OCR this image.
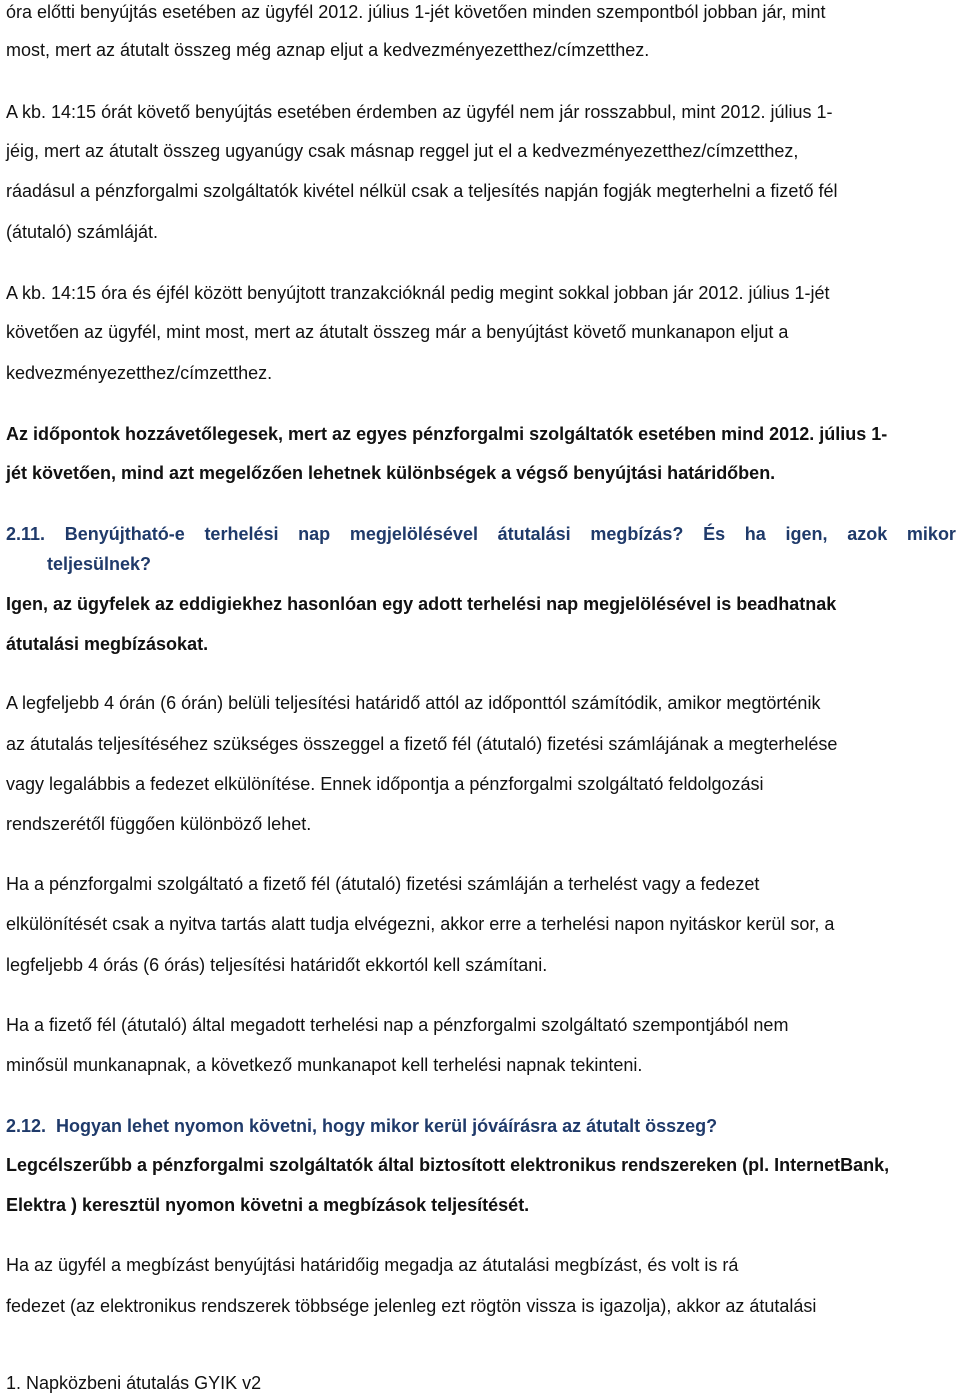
óra előtti benyújtás esetében az ügyfél 2012. július 1-jét követően minden szempontból jobban jár, mint

most, mert az átutalt összeg még aznap eljut a kedvezményezetthez/címzetthez.

A kb. 14:15 órát követő benyújtás esetében érdemben az ügyfél nem jár rosszabbul, mint 2012. július 1-

jéig, mert az átutalt összeg ugyanúgy csak másnap reggel jut el a kedvezményezetthez/címzetthez,

ráadásul a pénzforgalmi szolgáltatók kivétel nélkül csak a teljesítés napján fogják megterhelni a fizető fél

(átutaló) számláját.

A kb. 14:15 óra és éjfél között benyújtott tranzakcióknál pedig megint sokkal jobban jár 2012. július 1-jét

követően az ügyfél, mint most, mert az átutalt összeg már a benyújtást követő munkanapon eljut a

kedvezményezetthez/címzetthez.

Az időpontok hozzávetőlegesek, mert az egyes pénzforgalmi szolgáltatók esetében mind 2012. július 1-

jét követően, mind azt megelőzően lehetnek különbségek a végső benyújtási határidőben.

2.11. Benyújtható-e terhelési nap megjelölésével átutalási megbízás? És ha igen, azok mikor

teljesülnek?

Igen, az ügyfelek az eddigiekhez hasonlóan egy adott terhelési nap megjelölésével is beadhatnak

átutalási megbízásokat.

A legfeljebb 4 órán (6 órán) belüli teljesítési határidő attól az időponttól számítódik, amikor megtörténik

az átutalás teljesítéséhez szükséges összeggel a fizető fél (átutaló) fizetési számlájának a megterhelése

vagy legalábbis a fedezet elkülönítése. Ennek időpontja a pénzforgalmi szolgáltató feldolgozási

rendszerétől függően különböző lehet.

Ha a pénzforgalmi szolgáltató a fizető fél (átutaló) fizetési számláján a terhelést vagy a fedezet

elkülönítését csak a nyitva tartás alatt tudja elvégezni, akkor erre a terhelési napon nyitáskor kerül sor, a

legfeljebb 4 órás (6 órás) teljesítési határidőt ekkortól kell számítani.

Ha a fizető fél (átutaló) által megadott terhelési nap a pénzforgalmi szolgáltató szempontjából nem

minősül munkanapnak, a következő munkanapot kell terhelési napnak tekinteni.

2.12. Hogyan lehet nyomon követni, hogy mikor kerül jóváírásra az átutalt összeg?

Legcélszerűbb a pénzforgalmi szolgáltatók által biztosított elektronikus rendszereken (pl. InternetBank,

Elektra ) keresztül nyomon követni a megbízások teljesítését.

Ha az ügyfél a megbízást benyújtási határidőig megadja az átutalási megbízást, és volt is rá

fedezet (az elektronikus rendszerek többsége jelenleg ezt rögtön vissza is igazolja), akkor az átutalási

1. Napközbeni átutalás GYIK v2
